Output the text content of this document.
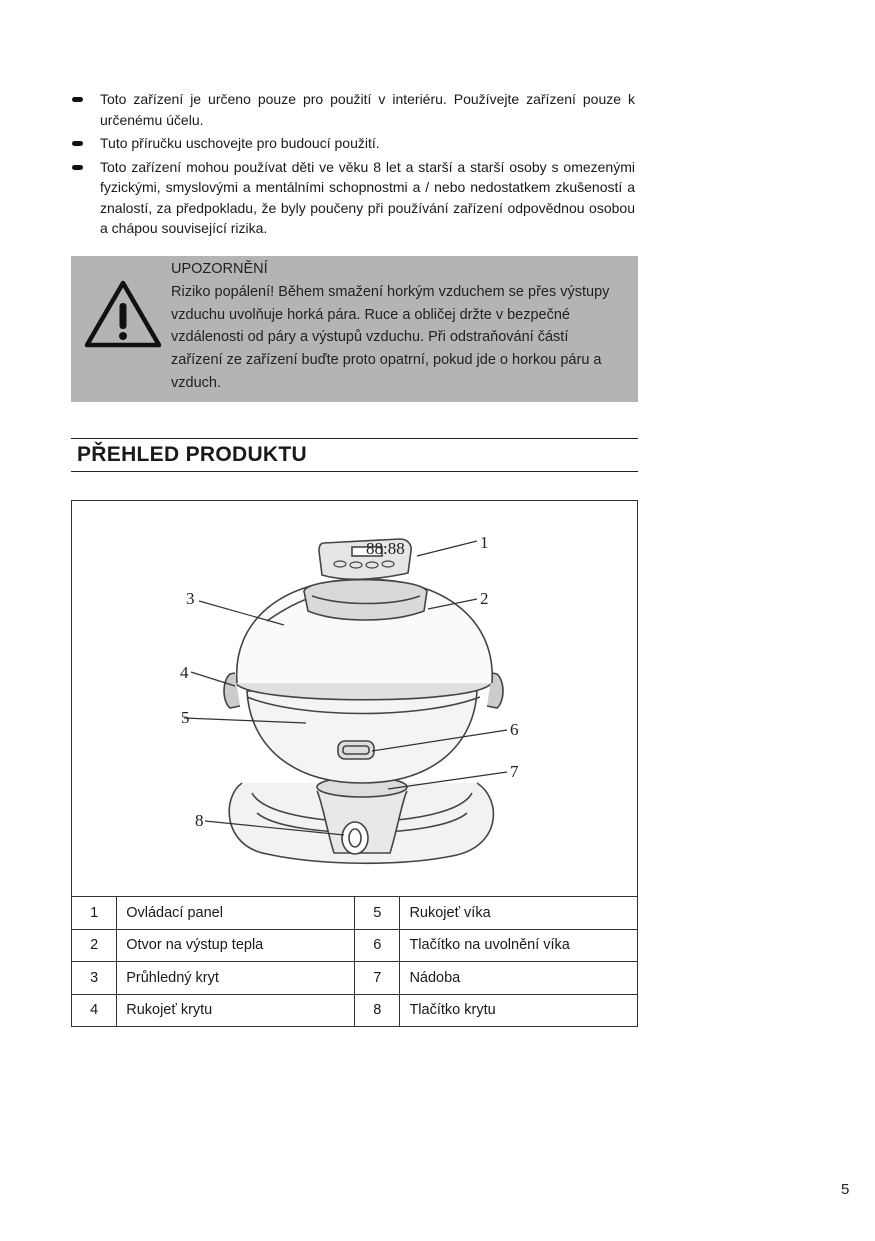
Toto zařízení je určeno pouze pro použití v interiéru. Používejte zařízení pouze k určenému účelu.
Tuto příručku uschovejte pro budoucí použití.
Toto zařízení mohou používat děti ve věku 8 let a starší a starší osoby s omezenými fyzickými, smyslovými a mentálními schopnostmi a / nebo nedostatkem zkušeností a znalostí, za předpokladu, že byly poučeny při používání zařízení odpovědnou osobou a chápou související rizika.
UPOZORNĚNÍ
Riziko popálení! Během smažení horkým vzduchem se přes výstupy vzduchu uvolňuje horká pára. Ruce a obličej držte v bezpečné vzdálenosti od páry a výstupů vzduchu. Při odstraňování částí zařízení ze zařízení buďte proto opatrní, pokud jde o horkou páru a vzduch.
PŘEHLED PRODUKTU
88:88	1
2
3
4
5
6
7
8
1	Ovládací panel	5	Rukojeť víka
2	Otvor na výstup tepla	6	Tlačítko na uvolnění víka
3	Průhledný kryt	7	Nádoba
4	Rukojeť krytu	8	Tlačítko krytu
5
